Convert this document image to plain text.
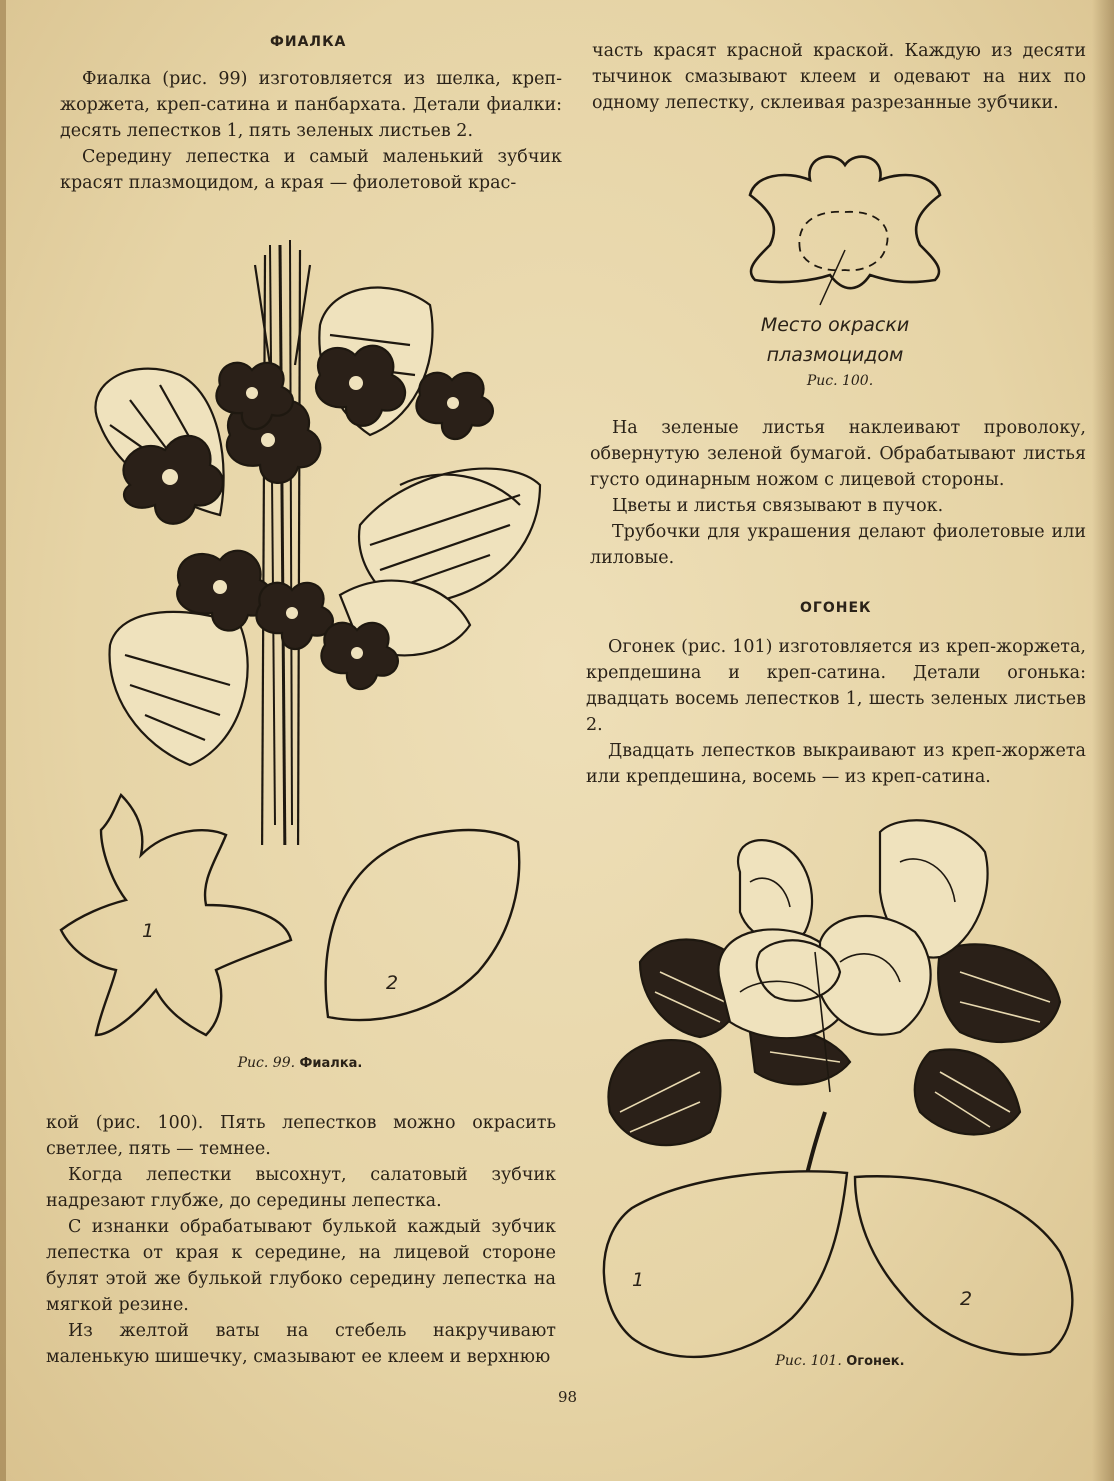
ФИАЛКА

Фиалка (рис. 99) изготовляется из шелка, креп-жоржета, креп-сатина и панбархата. Детали фиалки: десять лепестков 1, пять зеленых листьев 2.

Середину лепестка и самый маленький зубчик красят плазмоцидом, а края — фиолетовой крас-

1
2
Рис. 99. Фиалка.

кой (рис. 100). Пять лепестков можно окрасить светлее, пять — темнее.

Когда лепестки высохнут, салатовый зубчик надрезают глубже, до середины лепестка.

С изнанки обрабатывают булькой каждый зубчик лепестка от края к середине, на лицевой стороне булят этой же булькой глубоко середину лепестка на мягкой резине.

Из желтой ваты на стебель накручивают маленькую шишечку, смазывают ее клеем и верхнюю

часть красят красной краской. Каждую из десяти тычинок смазывают клеем и одевают на них по одному лепестку, склеивая разрезанные зубчики.

Место окраски
плазмоцидом
Рис. 100.

На зеленые листья наклеивают проволоку, обвернутую зеленой бумагой. Обрабатывают листья густо одинарным ножом с лицевой стороны.

Цветы и листья связывают в пучок.

Трубочки для украшения делают фиолетовые или лиловые.

ОГОНЕК

Огонек (рис. 101) изготовляется из креп-жоржета, крепдешина и креп-сатина. Детали огонька: двадцать восемь лепестков 1, шесть зеленых листьев 2.

Двадцать лепестков выкраивают из креп-жоржета или крепдешина, восемь — из креп-сатина.

1
2
Рис. 101. Огонек.
98
